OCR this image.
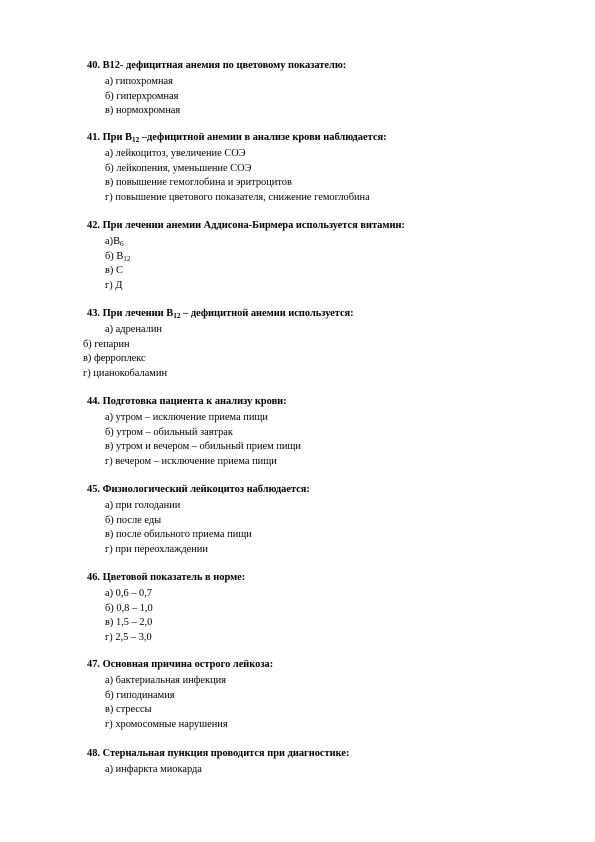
40. В12- дефицитная анемия по цветовому показателю:

а) гипохромная

б) гиперхромная

в) нормохромная

41. При $В_{12}$ –дефицитной анемии в анализе крови наблюдается:

а) лейкоцитоз, увеличение СОЭ

б) лейкопения, уменьшение СОЭ

в) повышение гемоглобина и эритроцитов

г) повышение цветового показателя, снижение гемоглобина

42. При лечении анемии Аддисона-Бирмера используется витамин:

$а)В_6$

б) $В_{12}$

в) С

г) Д

43. При лечении $В_{12}$ – дефицитной анемии используется:

а) адреналин

б) гепарин

в) ферроплекс

г) цианокобаламин

44. Подготовка пациента к анализу крови:

а) утром – исключение приема пищи

б) утром – обильный завтрак

в) утром и вечером – обильный прием пищи

г) вечером – исключение приема пищи

45. Физиологический лейкоцитоз наблюдается:

а) при голодании

б) после еды

в) после обильного приема пищи

г) при переохлаждении

46. Цветовой показатель в норме:

а) 0,6 – 0,7

б) 0,8 – 1,0

в) 1,5 – 2,0

г) 2,5 – 3,0

47. Основная причина острого лейкоза:

а) бактериальная инфекция

б) гиподинамия

в) стрессы

г) хромосомные нарушения

48. Стернальная пункция проводится при диагностике:

а) инфаркта миокарда
